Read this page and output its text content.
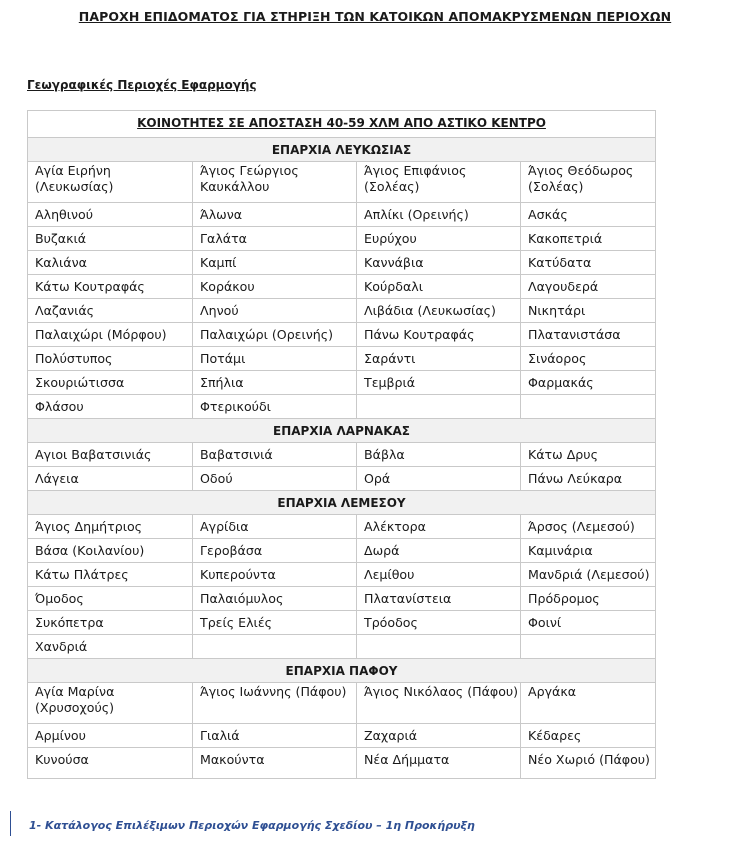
ΠΑΡΟΧΗ ΕΠΙΔΟΜΑΤΟΣ ΓΙΑ ΣΤΗΡΙΞΗ ΤΩΝ ΚΑΤΟΙΚΩΝ ΑΠΟΜΑΚΡΥΣΜΕΝΩΝ ΠΕΡΙΟΧΩΝ
Γεωγραφικές Περιοχές Εφαρμογής
ΚΟΙΝΟΤΗΤΕΣ ΣΕ ΑΠΟΣΤΑΣΗ 40-59 ΧΛΜ ΑΠΟ ΑΣΤΙΚΟ ΚΕΝΤΡΟ			
ΕΠΑΡΧΙΑ ΛΕΥΚΩΣΙΑΣ			
Αγία Ειρήνη (Λευκωσίας)	Άγιος Γεώργιος Καυκάλλου	Άγιος Επιφάνιος (Σολέας)	Άγιος Θεόδωρος (Σολέας)
Αληθινού	Άλωνα	Απλίκι (Ορεινής)	Ασκάς
Βυζακιά	Γαλάτα	Ευρύχου	Κακοπετριά
Καλιάνα	Καμπί	Καννάβια	Κατύδατα
Κάτω Κουτραφάς	Κοράκου	Κούρδαλι	Λαγουδερά
Λαζανιάς	Ληνού	Λιβάδια (Λευκωσίας)	Νικητάρι
Παλαιχώρι (Μόρφου)	Παλαιχώρι (Ορεινής)	Πάνω Κουτραφάς	Πλατανιστάσα
Πολύστυπος	Ποτάμι	Σαράντι	Σινάορος
Σκουριώτισσα	Σπήλια	Τεμβριά	Φαρμακάς
Φλάσου	Φτερικούδι		
ΕΠΑΡΧΙΑ ΛΑΡΝΑΚΑΣ			
Αγιοι Βαβατσινιάς	Βαβατσινιά	Βάβλα	Κάτω Δρυς
Λάγεια	Οδού	Ορά	Πάνω Λεύκαρα
ΕΠΑΡΧΙΑ ΛΕΜΕΣΟΥ			
Άγιος Δημήτριος	Αγρίδια	Αλέκτορα	Άρσος (Λεμεσού)
Βάσα (Κοιλανίου)	Γεροβάσα	Δωρά	Καμινάρια
Κάτω Πλάτρες	Κυπερούντα	Λεμίθου	Μανδριά (Λεμεσού)
Όμοδος	Παλαιόμυλος	Πλατανίστεια	Πρόδρομος
Συκόπετρα	Τρείς Ελιές	Τρόοδος	Φοινί
Χανδριά			
ΕΠΑΡΧΙΑ ΠΑΦΟΥ			
Αγία Μαρίνα (Χρυσοχούς)	Άγιος Ιωάννης (Πάφου)	Άγιος Νικόλαος (Πάφου)	Αργάκα
Αρμίνου	Γιαλιά	Ζαχαριά	Κέδαρες
Κυνούσα	Μακούντα	Νέα Δήμματα	Νέο Χωριό (Πάφου)
1- Κατάλογος Επιλέξιμων Περιοχών Εφαρμογής Σχεδίου – 1η Προκήρυξη
